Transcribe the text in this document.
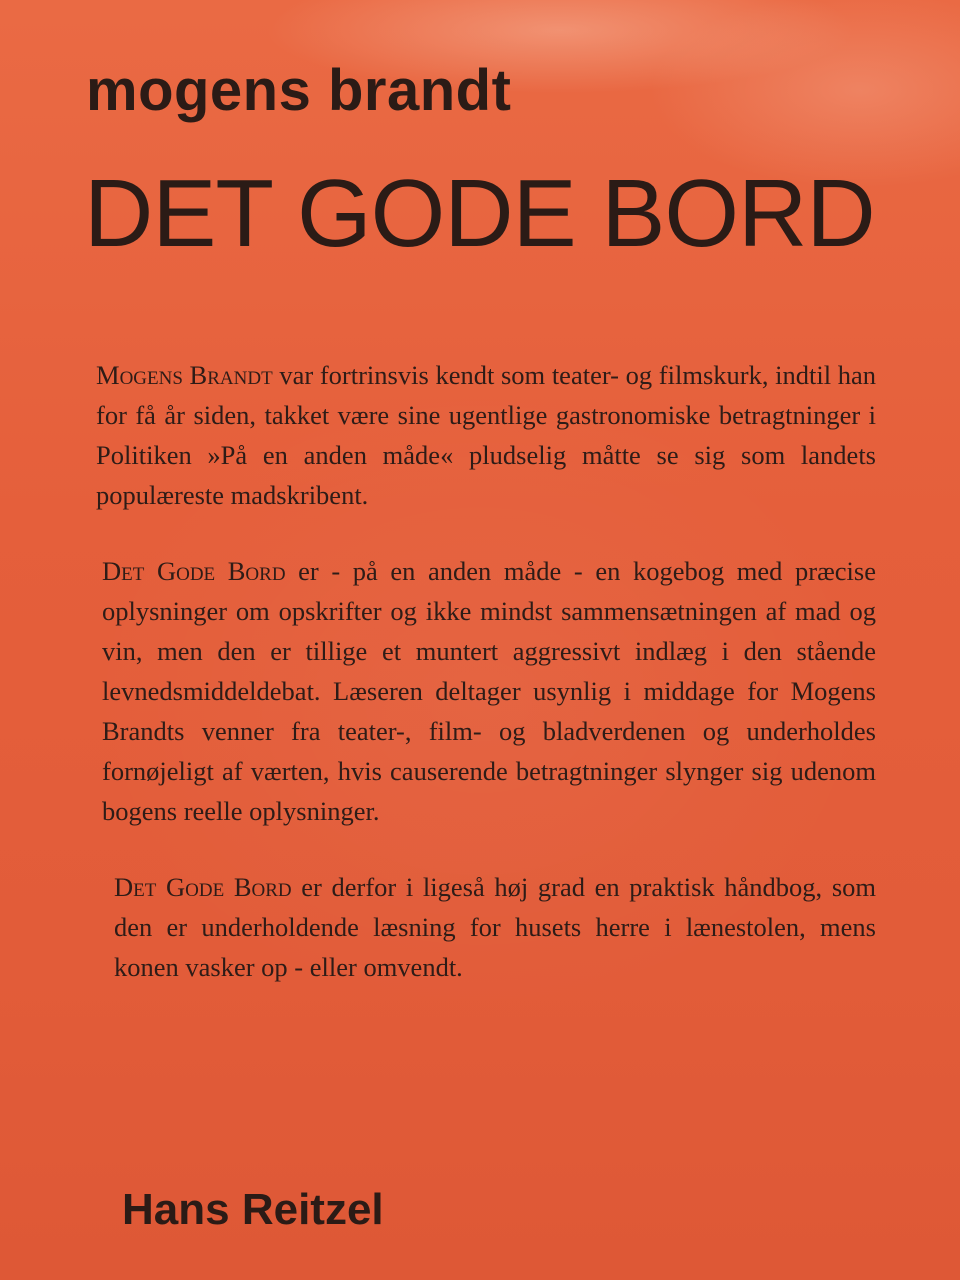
mogens brandt
DET GODE BORD

Mogens Brandt var fortrinsvis kendt som teater- og filmskurk, indtil han for få år siden, takket være sine ugentlige gastronomiske betragtninger i Politiken »På en anden måde« pludselig måtte se sig som landets populæreste madskribent.

Det Gode Bord er - på en anden måde - en kogebog med præcise oplysninger om opskrifter og ikke mindst sammensætningen af mad og vin, men den er tillige et muntert aggressivt indlæg i den stående levnedsmiddeldebat. Læseren deltager usynlig i middage for Mogens Brandts venner fra teater-, film- og bladverdenen og underholdes fornøjeligt af værten, hvis causerende betragtninger slynger sig udenom bogens reelle oplysninger.

Det Gode Bord er derfor i ligeså høj grad en praktisk håndbog, som den er underholdende læsning for husets herre i lænestolen, mens konen vasker op - eller omvendt.

Hans Reitzel
